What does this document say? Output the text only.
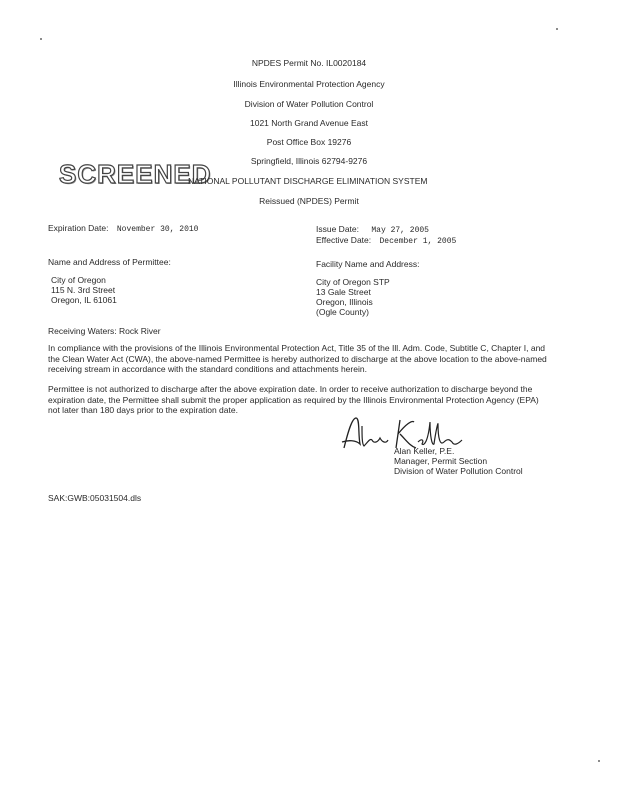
NPDES Permit No. IL0020184
Illinois Environmental Protection Agency
Division of Water Pollution Control
1021 North Grand Avenue East
Post Office Box 19276
Springfield, Illinois 62794-9276
SCREENED
NATIONAL POLLUTANT DISCHARGE ELIMINATION SYSTEM
Reissued (NPDES) Permit
Expiration Date: November 30, 2010	Issue Date: May 27, 2005
Effective Date: December 1, 2005
Name and Address of Permittee:
City of Oregon
115 N. 3rd Street
Oregon, IL 61061
Facility Name and Address:
City of Oregon STP
13 Gale Street
Oregon, Illinois
(Ogle County)
Receiving Waters: Rock River
In compliance with the provisions of the Illinois Environmental Protection Act, Title 35 of the Ill. Adm. Code, Subtitle C, Chapter I, and
the Clean Water Act (CWA), the above-named Permittee is hereby authorized to discharge at the above location to the above-named
receiving stream in accordance with the standard conditions and attachments herein.
Permittee is not authorized to discharge after the above expiration date. In order to receive authorization to discharge beyond the
expiration date, the Permittee shall submit the proper application as required by the Illinois Environmental Protection Agency (EPA)
not later than 180 days prior to the expiration date.
Alan Keller, P.E.
Manager, Permit Section
Division of Water Pollution Control
SAK:GWB:05031504.dls
